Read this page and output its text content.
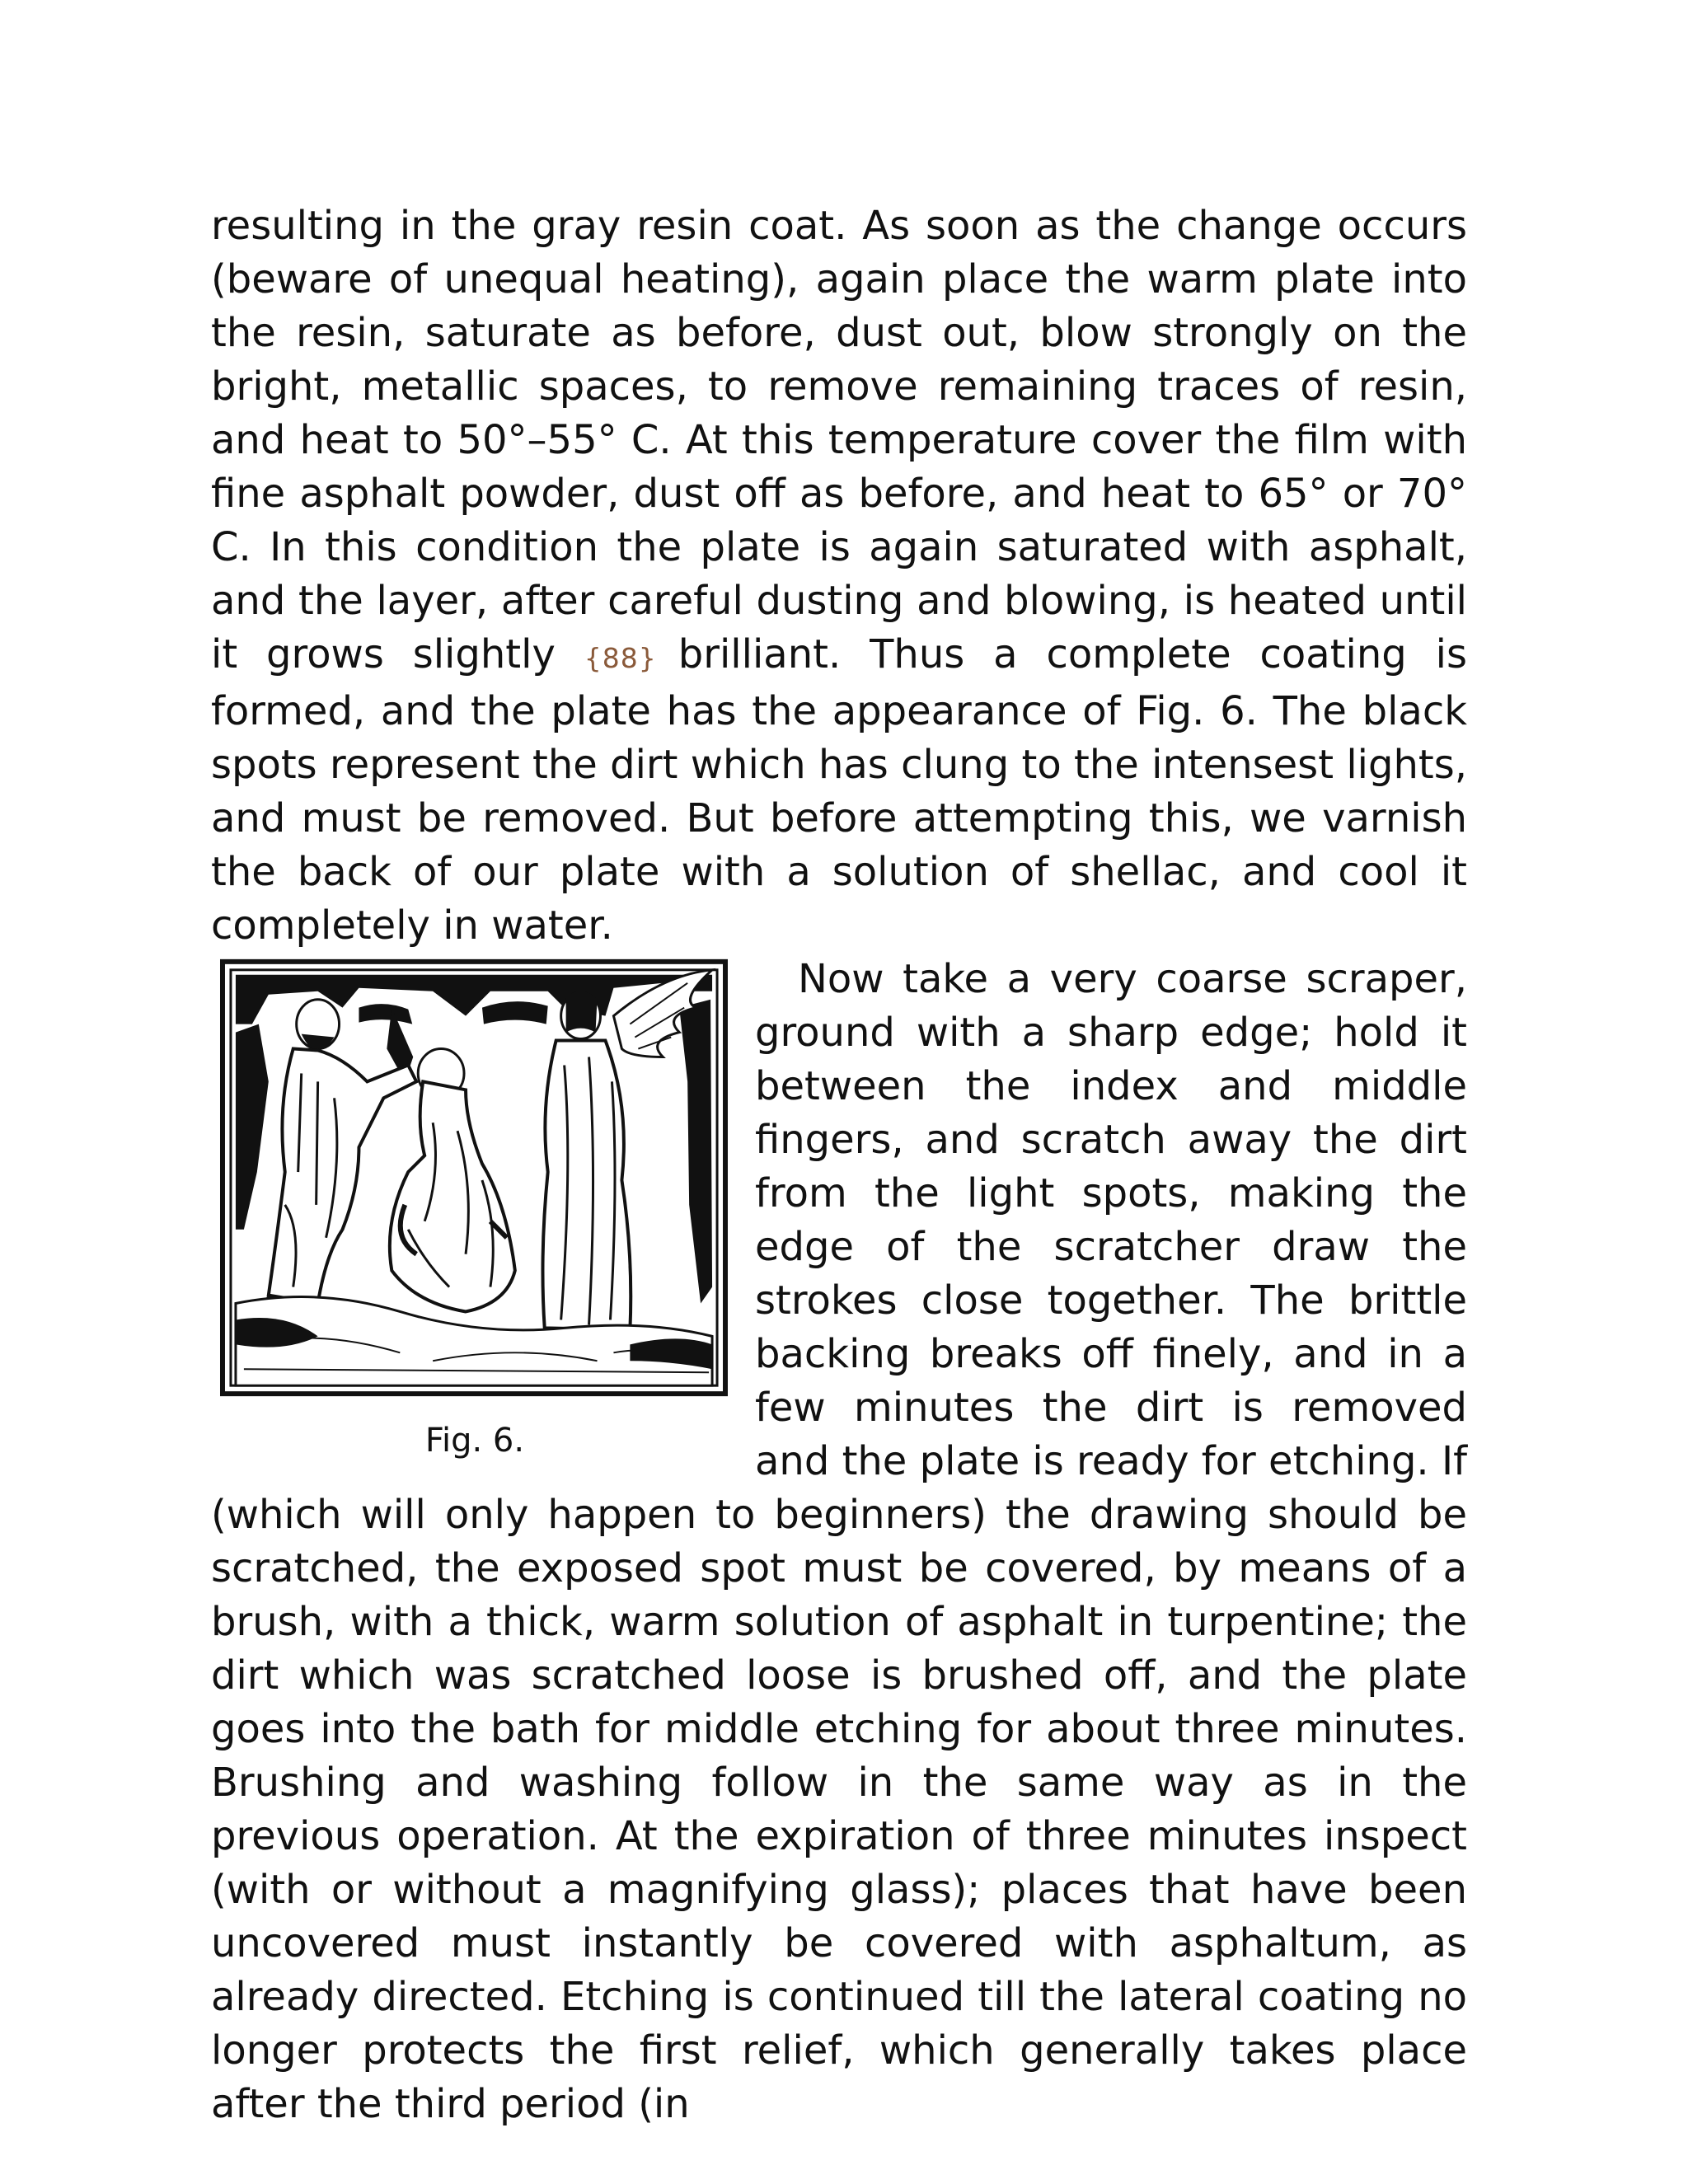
resulting in the gray resin coat. As soon as the change occurs (beware of unequal heating), again place the warm plate into the resin, saturate as before, dust out, blow strongly on the bright, metallic spaces, to remove remaining traces of resin, and heat to 50°–55° C. At this temperature cover the film with fine asphalt powder, dust off as before, and heat to 65° or 70° C. In this condition the plate is again saturated with asphalt, and the layer, after careful dusting and blowing, is heated until it grows slightly {88} brilliant. Thus a complete coating is formed, and the plate has the appearance of Fig. 6. The black spots represent the dirt which has clung to the intensest lights, and must be removed. But before attempting this, we varnish the back of our plate with a solution of shellac, and cool it completely in water.

Fig. 6.

Now take a very coarse scraper, ground with a sharp edge; hold it between the index and middle fingers, and scratch away the dirt from the light spots, making the edge of the scratcher draw the strokes close together. The brittle backing breaks off finely, and in a few minutes the dirt is removed and the plate is ready for etching. If (which will only happen to beginners) the drawing should be scratched, the exposed spot must be covered, by means of a brush, with a thick, warm solution of asphalt in turpentine; the dirt which was scratched loose is brushed off, and the plate goes into the bath for middle etching for about three minutes. Brushing and washing follow in the same way as in the previous operation. At the expiration of three minutes inspect (with or without a magnifying glass); places that have been uncovered must instantly be covered with asphaltum, as already directed. Etching is continued till the lateral coating no longer protects the first relief, which generally takes place after the third period (in
